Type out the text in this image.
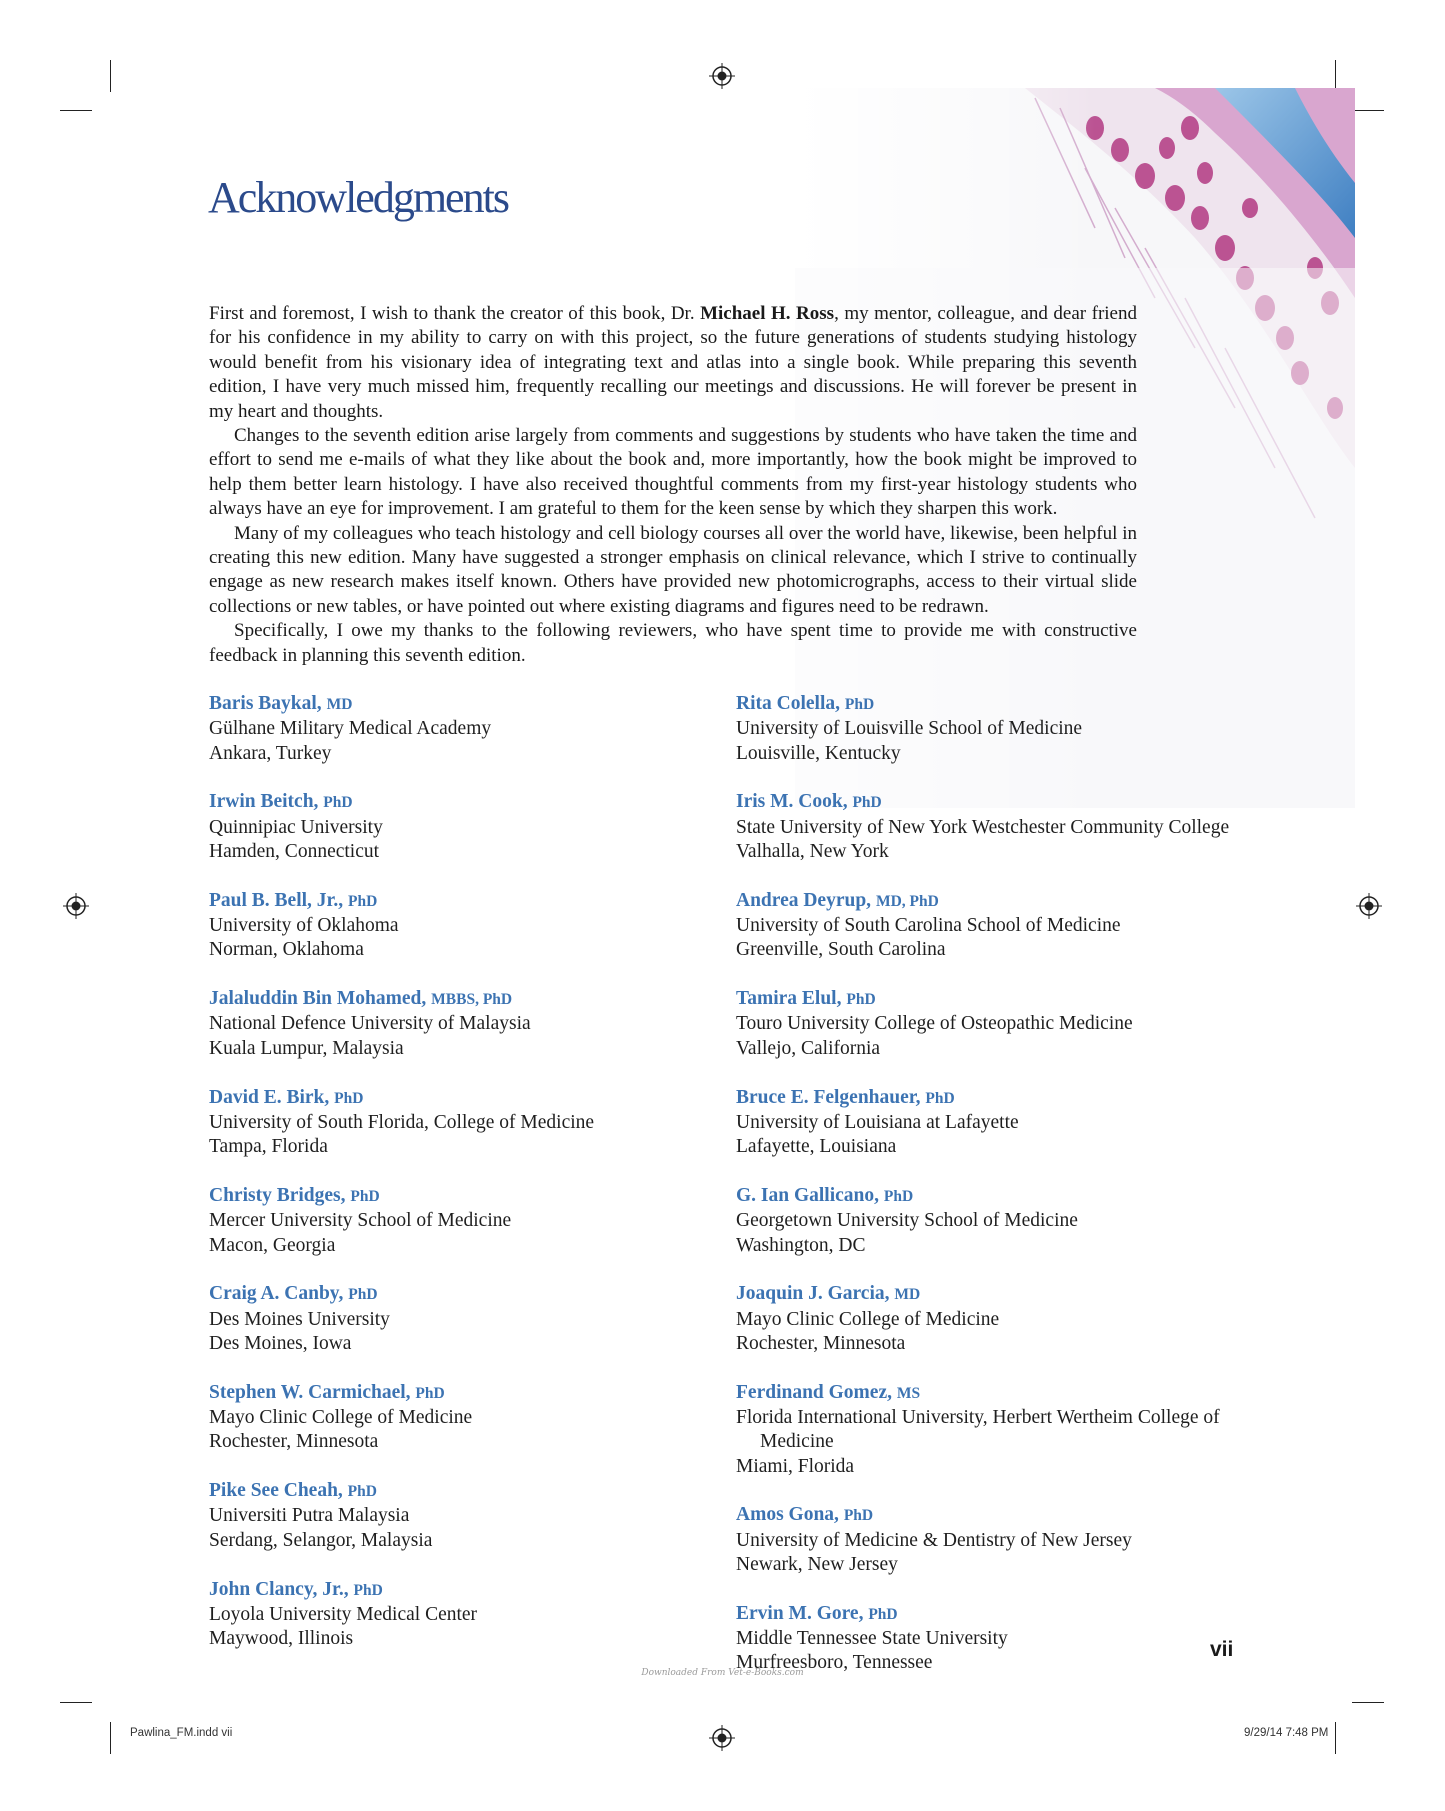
Acknowledgments

First and foremost, I wish to thank the creator of this book, Dr. Michael H. Ross, my mentor, colleague, and dear friend for his confidence in my ability to carry on with this project, so the future generations of students studying histology would benefit from his visionary idea of integrating text and atlas into a single book. While preparing this seventh edition, I have very much missed him, frequently recalling our meetings and discussions. He will forever be present in my heart and thoughts.

Changes to the seventh edition arise largely from comments and suggestions by students who have taken the time and effort to send me e-mails of what they like about the book and, more importantly, how the book might be improved to help them better learn histology. I have also received thoughtful comments from my first-year histology students who always have an eye for improvement. I am grateful to them for the keen sense by which they sharpen this work.

Many of my colleagues who teach histology and cell biology courses all over the world have, likewise, been helpful in creating this new edition. Many have suggested a stronger emphasis on clinical relevance, which I strive to continually engage as new research makes itself known. Others have provided new photomicrographs, access to their virtual slide collections or new tables, or have pointed out where existing diagrams and figures need to be redrawn.

Specifically, I owe my thanks to the following reviewers, who have spent time to provide me with constructive feedback in planning this seventh edition.

Baris Baykal, MD
Gülhane Military Medical Academy
Ankara, Turkey
Irwin Beitch, PhD
Quinnipiac University
Hamden, Connecticut
Paul B. Bell, Jr., PhD
University of Oklahoma
Norman, Oklahoma
Jalaluddin Bin Mohamed, MBBS, PhD
National Defence University of Malaysia
Kuala Lumpur, Malaysia
David E. Birk, PhD
University of South Florida, College of Medicine
Tampa, Florida
Christy Bridges, PhD
Mercer University School of Medicine
Macon, Georgia
Craig A. Canby, PhD
Des Moines University
Des Moines, Iowa
Stephen W. Carmichael, PhD
Mayo Clinic College of Medicine
Rochester, Minnesota
Pike See Cheah, PhD
Universiti Putra Malaysia
Serdang, Selangor, Malaysia
John Clancy, Jr., PhD
Loyola University Medical Center
Maywood, Illinois
Rita Colella, PhD
University of Louisville School of Medicine
Louisville, Kentucky
Iris M. Cook, PhD
State University of New York Westchester Community College
Valhalla, New York
Andrea Deyrup, MD, PhD
University of South Carolina School of Medicine
Greenville, South Carolina
Tamira Elul, PhD
Touro University College of Osteopathic Medicine
Vallejo, California
Bruce E. Felgenhauer, PhD
University of Louisiana at Lafayette
Lafayette, Louisiana
G. Ian Gallicano, PhD
Georgetown University School of Medicine
Washington, DC
Joaquin J. Garcia, MD
Mayo Clinic College of Medicine
Rochester, Minnesota
Ferdinand Gomez, MS
Florida International University, Herbert Wertheim College of Medicine
Miami, Florida
Amos Gona, PhD
University of Medicine & Dentistry of New Jersey
Newark, New Jersey
Ervin M. Gore, PhD
Middle Tennessee State University
Murfreesboro, Tennessee
vii
Downloaded From Vet-e-Books.com
Pawlina_FM.indd vii	9/29/14 7:48 PM
